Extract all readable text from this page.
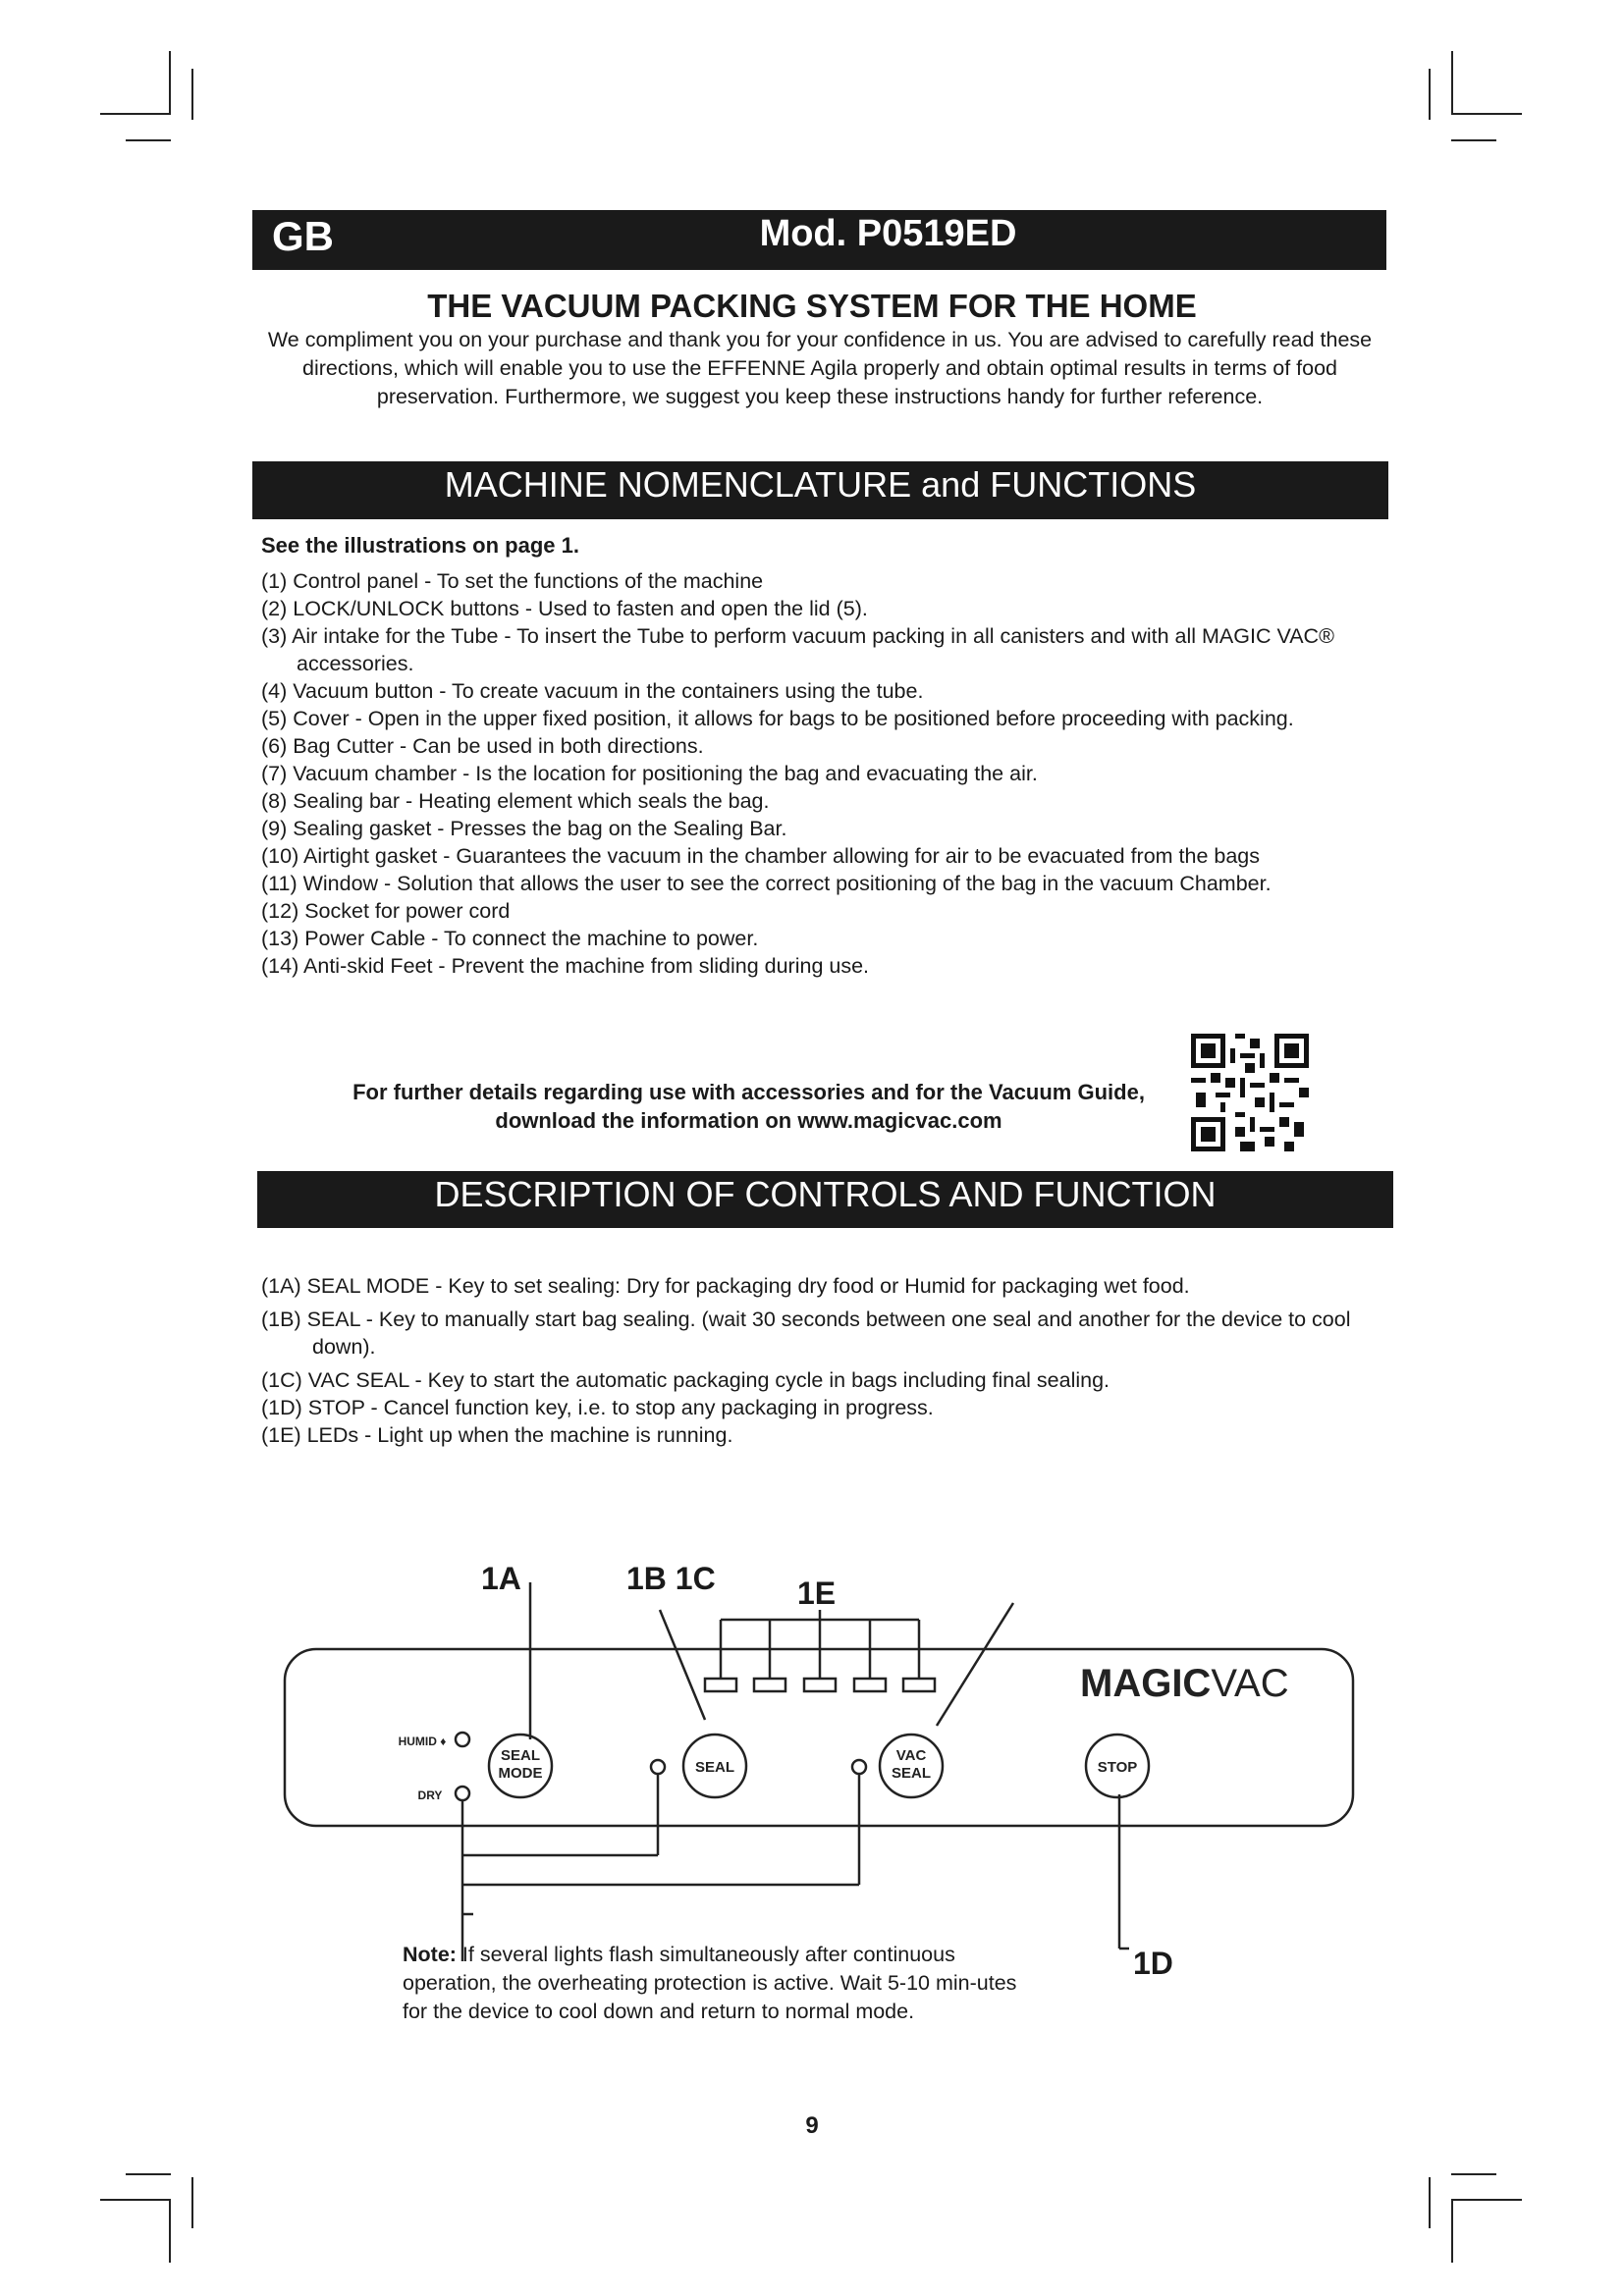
GB	Mod. P0519ED
THE VACUUM PACKING SYSTEM FOR THE HOME
We compliment you on your purchase and thank you for your confidence in us. You are advised to carefully read these directions, which will enable you to use the EFFENNE Agila properly and obtain optimal results in terms of food preservation. Furthermore, we suggest you keep these instructions handy for further reference.
MACHINE NOMENCLATURE and FUNCTIONS
See the illustrations on page 1.
(1) Control panel - To set the functions of the machine
(2) LOCK/UNLOCK buttons - Used to fasten and open the lid (5).
(3) Air intake for the Tube - To insert the Tube to perform vacuum packing in all canisters and with all MAGIC VAC® accessories.
(4) Vacuum button - To create vacuum in the containers using the tube.
(5) Cover - Open in the upper fixed position, it allows for bags to be positioned before proceeding with packing.
(6) Bag Cutter - Can be used in both directions.
(7) Vacuum chamber - Is the location for positioning the bag and evacuating the air.
(8) Sealing bar - Heating element which seals the bag.
(9) Sealing gasket - Presses the bag on the Sealing Bar.
(10) Airtight gasket - Guarantees the vacuum in the chamber allowing for air to be evacuated from the bags
(11) Window - Solution that allows the user to see the correct positioning of the bag in the vacuum Chamber.
(12) Socket for power cord
(13) Power Cable - To connect the machine to power.
(14) Anti-skid Feet - Prevent the machine from sliding during use.
For further details regarding use with accessories and for the Vacuum Guide,
download the information on www.magicvac.com
DESCRIPTION OF CONTROLS AND FUNCTION
(1A) SEAL MODE - Key to set sealing: Dry for packaging dry food or Humid for packaging wet food.
(1B) SEAL - Key to manually start bag sealing. (wait 30 seconds between one seal and another for the device to cool down).
(1C) VAC SEAL - Key to start the automatic packaging cycle in bags including final sealing.
(1D) STOP - Cancel function key, i.e. to stop any packaging in progress.
(1E) LEDs - Light up when the machine is running.
1A	1B 1C	1E
1D
HUMID ♦
DRY
SEAL
MODE	SEAL
VAC
SEAL	STOP
MAGICVAC
Note: If several lights flash simultaneously after continuous operation, the overheating protection is active. Wait 5-10 min-utes for the device to cool down and return to normal mode.
9
